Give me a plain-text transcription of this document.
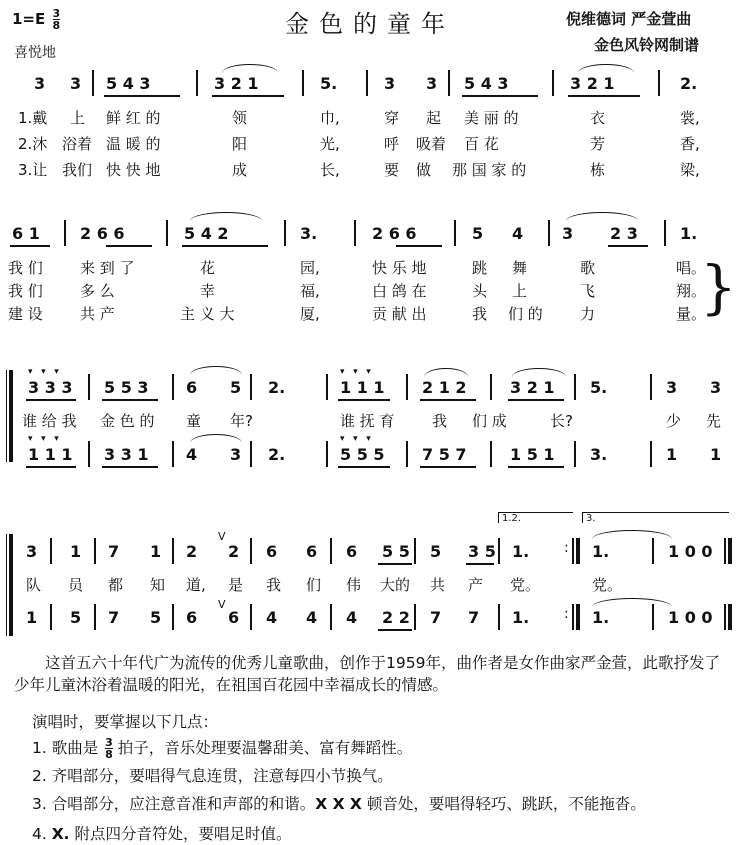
$1=E \frac{3}{8}$
喜悦地
金色的童年	倪维德词 严金萱曲
金色风铃网制谱
3 3 5 4 3	3 2 1	5.	3 3 5 4 3	3 2 1	2.
1.戴 上 鲜 红 的	领	巾,	穿 起 美 丽 的	衣	裳,
2.沐 浴着 温 暖 的	阳	光,	呼 吸着 百 花	芳	香,
3.让 我们 快 快 地	成	长,	要 做 那 国 家 的	栋	梁,
6 1	2 6 6	5 4 2	3.	2 6 6	5 4 3 2 3	1.
我 们 来 到 了	花	园,	快 乐 地	跳 舞	歌	唱。
我 们 多 么	幸	福,	白 鸽 在	头 上	飞	翔。
建 设 共 产	主 义 大	厦,	贡 献 出	我 们 的 力	量。
}
3 3 3 5 5 3 6 5 2.	1 1 1 2 1 2	3 2 1 5.	3 3
▾   ▾   ▾	▾   ▾   ▾
谁 给 我 金 色 的 童 年?	谁 抚 育 我 们 成	长?	少 先
▾   ▾   ▾	▾   ▾   ▾
1 1 1 3 3 1 4 3 2.	5 5 5 7 5 7	1 5 1 3.	1 1
1.2.	3.
3 1 7 1 2 2 6 6 6 5 5 5 3 5 1.	1.	1 0 0
V
:
队 员 都 知 道, 是 我 们 伟 大的 共 产 党。	党。
V
1 5 7 5 6 6 4 4 4 2 2 7 7 1.	1.	1 0 0
:
这首五六十年代广为流传的优秀儿童歌曲，创作于1959年，曲作者是女作曲家严金萱，此歌抒发了少年儿童沐浴着温暖的阳光，在祖国百花园中幸福成长的情感。
演唱时，要掌握以下几点：
1. 歌曲是 $\frac{3}{8}$ 拍子，音乐处理要温馨甜美、富有舞蹈性。
2. 齐唱部分，要唱得气息连贯，注意每四小节换气。
3. 合唱部分，应注意音准和声部的和谐。X X X 顿音处，要唱得轻巧、跳跃，不能拖沓。
4. X. 附点四分音符处，要唱足时值。
